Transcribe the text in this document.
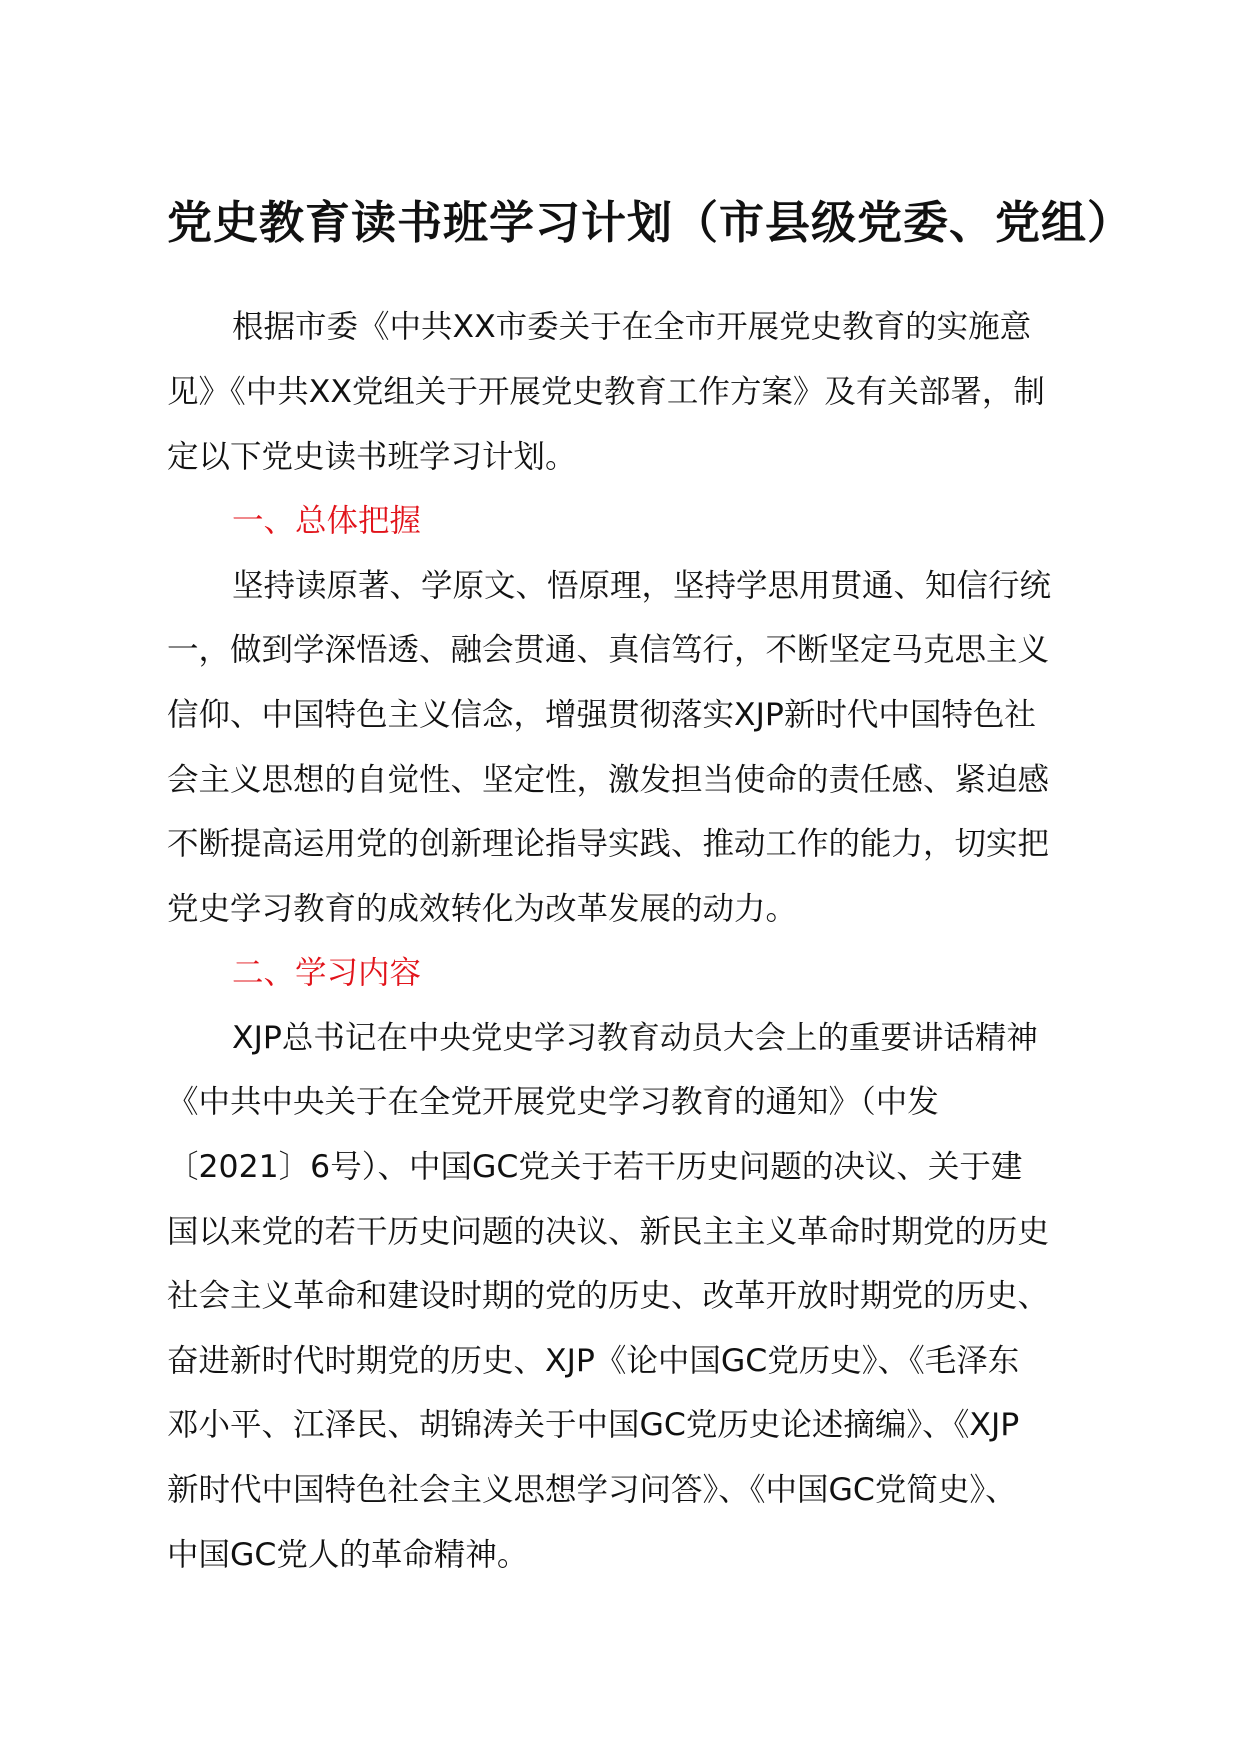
党史教育读书班学习计划（市县级党委、党组）

根据市委《中共XX市委关于在全市开展党史教育的实施意

见》《中共XX党组关于开展党史教育工作方案》及有关部署，制

定以下党史读书班学习计划。

一、总体把握

坚持读原著、学原文、悟原理，坚持学思用贯通、知信行统

一，做到学深悟透、融会贯通、真信笃行，不断坚定马克思主义

信仰、中国特色主义信念，增强贯彻落实XJP新时代中国特色社

会主义思想的自觉性、坚定性，激发担当使命的责任感、紧迫感

不断提高运用党的创新理论指导实践、推动工作的能力，切实把

党史学习教育的成效转化为改革发展的动力。

二、学习内容

XJP总书记在中央党史学习教育动员大会上的重要讲话精神

《中共中央关于在全党开展党史学习教育的通知》（中发

〔2021〕6号）、中国GC党关于若干历史问题的决议、关于建

国以来党的若干历史问题的决议、新民主主义革命时期党的历史

社会主义革命和建设时期的党的历史、改革开放时期党的历史、

奋进新时代时期党的历史、XJP《论中国GC党历史》、《毛泽东

邓小平、江泽民、胡锦涛关于中国GC党历史论述摘编》、《XJP

新时代中国特色社会主义思想学习问答》、《中国GC党简史》、

中国GC党人的革命精神。
